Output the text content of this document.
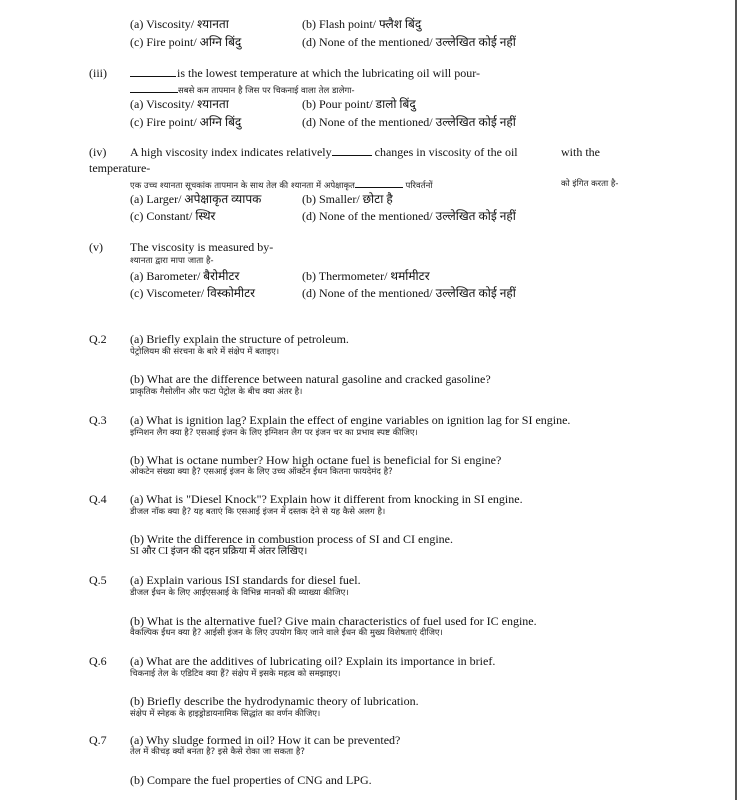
(a) Viscosity/ श्यानता	(b) Flash point/ फ्लैश बिंदु
(c) Fire point/ अग्नि बिंदु	(d) None of the mentioned/ उल्लेखित कोई नहीं
(iii)	is the lowest temperature at which the lubricating oil will pour-
सबसे कम तापमान है जिस पर चिकनाई वाला तेल डालेगा-
(a) Viscosity/ श्यानता	(b) Pour point/ डालो बिंदु
(c) Fire point/ अग्नि बिंदु	(d) None of the mentioned/ उल्लेखित कोई नहीं
(iv) A high viscosity index indicates relatively	changes in viscosity of the oil	with the
temperature-
एक उच्च श्यानता सूचकांक तापमान के साथ तेल की श्यानता में अपेक्षाकृत	परिवर्तनों	को इंगित करता है-
(a) Larger/ अपेक्षाकृत व्यापक	(b) Smaller/ छोटा है
(c) Constant/ स्थिर	(d) None of the mentioned/ उल्लेखित कोई नहीं
(v) The viscosity is measured by-
श्यानता द्वारा मापा जाता है-
(a) Barometer/ बैरोमीटर	(b) Thermometer/ थर्मामीटर
(c) Viscometer/ विस्कोमीटर	(d) None of the mentioned/ उल्लेखित कोई नहीं
Q.2 (a) Briefly explain the structure of petroleum.
पेट्रोलियम की संरचना के बारे में संक्षेप में बताइए।
(b) What are the difference between natural gasoline and cracked gasoline?
प्राकृतिक गैसोलीन और फटा पेट्रोल के बीच क्या अंतर है।
Q.3 (a) What is ignition lag? Explain the effect of engine variables on ignition lag for SI engine.
इग्निशन लैग क्या है? एसआई इंजन के लिए इग्निशन लैग पर इंजन चर का प्रभाव स्पष्ट कीजिए।
(b) What is octane number? How high octane fuel is beneficial for Si engine?
ओकटेन संख्या क्या है? एसआई इंजन के लिए उच्च ऑक्टेन ईंधन कितना फायदेमंद है?
Q.4 (a) What is "Diesel Knock"? Explain how it different from knocking in SI engine.
डीजल नॉक क्या है? यह बताएं कि एसआई इंजन में दस्तक देने से यह कैसे अलग है।
(b) Write the difference in combustion process of SI and CI engine.
SI और CI इंजन की दहन प्रक्रिया में अंतर लिखिए।
Q.5 (a) Explain various ISI standards for diesel fuel.
डीजल ईंधन के लिए आईएसआई के विभिन्न मानकों की व्याख्या कीजिए।
(b) What is the alternative fuel? Give main characteristics of fuel used for IC engine.
वैकल्पिक ईंधन क्या है? आईसी इंजन के लिए उपयोग किए जाने वाले ईंधन की मुख्य विशेषताएं दीजिए।
Q.6 (a) What are the additives of lubricating oil? Explain its importance in brief.
चिकनाई तेल के एडिटिव क्या हैं? संक्षेप में इसके महत्व को समझाइए।
(b) Briefly describe the hydrodynamic theory of lubrication.
संक्षेप में स्नेहक के हाइड्रोडायनामिक सिद्धांत का वर्णन कीजिए।
Q.7 (a) Why sludge formed in oil? How it can be prevented?
तेल में कीचड़ क्यों बनता है? इसे कैसे रोका जा सकता है?
(b) Compare the fuel properties of CNG and LPG.
